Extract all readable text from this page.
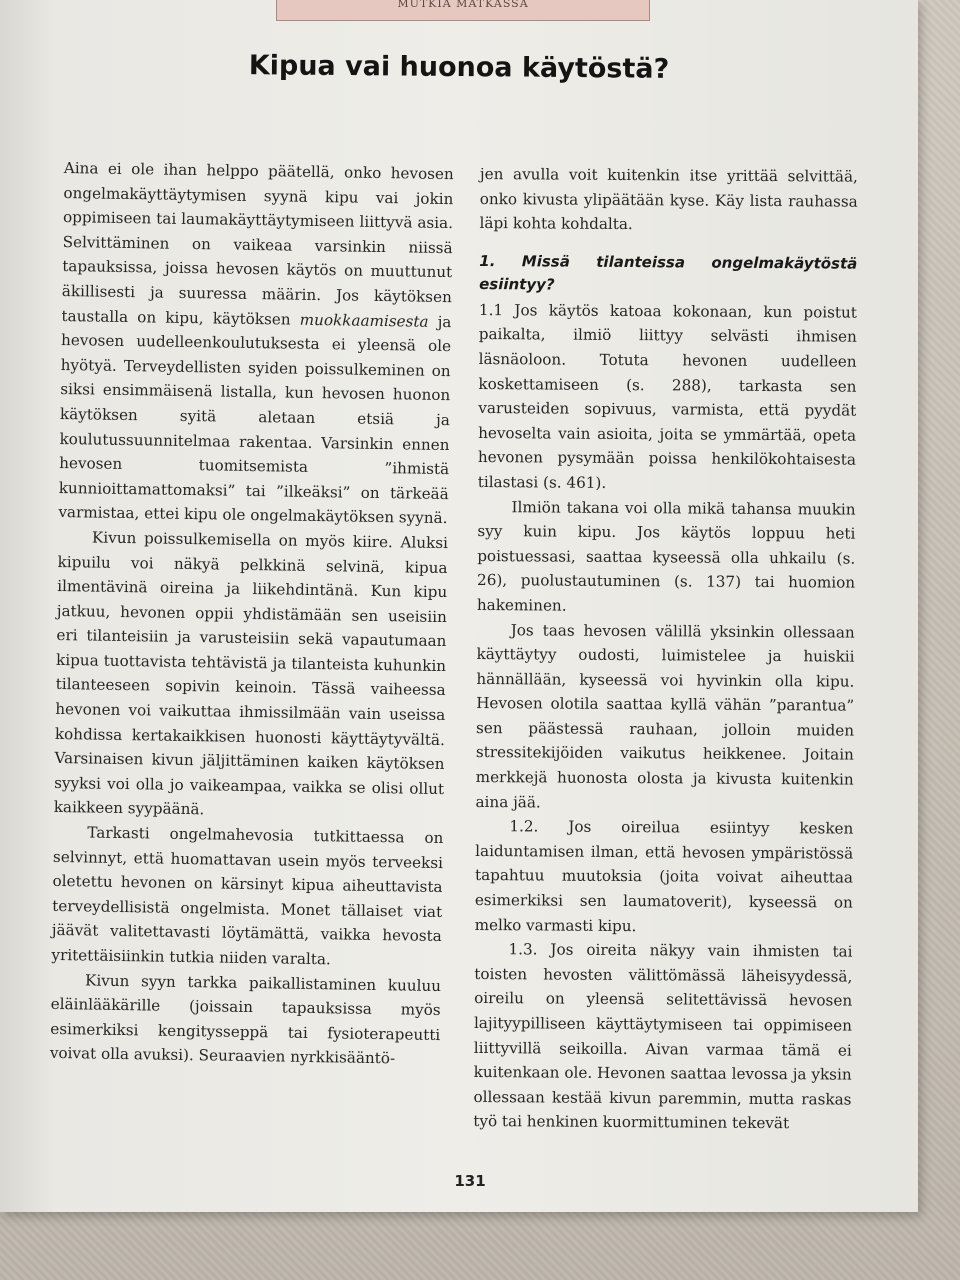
MUTKIA MATKASSA
Kipua vai huonoa käytöstä?

Aina ei ole ihan helppo päätellä, onko hevosen ongelmakäyttäytymisen syynä kipu vai jokin oppimiseen tai laumakäyttäytymiseen liittyvä asia. Selvittäminen on vaikeaa varsinkin niissä tapauksissa, joissa hevosen käytös on muuttunut äkillisesti ja suuressa määrin. Jos käytöksen taustalla on kipu, käytöksen muokkaamisesta ja hevosen uudelleenkoulutuksesta ei yleensä ole hyötyä. Terveydellisten syiden poissulkeminen on siksi ensimmäisenä listalla, kun hevosen huonon käytöksen syitä aletaan etsiä ja koulutussuunnitelmaa rakentaa. Varsinkin ennen hevosen tuomitsemista ”ihmistä kunnioittamattomaksi” tai ”ilkeäksi” on tärkeää varmistaa, ettei kipu ole ongelmakäytöksen syynä.

Kivun poissulkemisella on myös kiire. Aluksi kipuilu voi näkyä pelkkinä selvinä, kipua ilmentävinä oireina ja liikehdintänä. Kun kipu jatkuu, hevonen oppii yhdistämään sen useisiin eri tilanteisiin ja varusteisiin sekä vapautumaan kipua tuottavista tehtävistä ja tilanteista kuhunkin tilanteeseen sopivin keinoin. Tässä vaiheessa hevonen voi vaikuttaa ihmissilmään vain useissa kohdissa kertakaikkisen huonosti käyttäytyvältä. Varsinaisen kivun jäljittäminen kaiken käytöksen syyksi voi olla jo vaikeampaa, vaikka se olisi ollut kaikkeen syypäänä.

Tarkasti ongelmahevosia tutkittaessa on selvinnyt, että huomattavan usein myös terveeksi oletettu hevonen on kärsinyt kipua aiheuttavista terveydellisistä ongelmista. Monet tällaiset viat jäävät valitettavasti löytämättä, vaikka hevosta yritettäisiinkin tutkia niiden varalta.

Kivun syyn tarkka paikallistaminen kuuluu eläinlääkärille (joissain tapauksissa myös esimerkiksi kengitysseppä tai fysioterapeutti voivat olla avuksi). Seuraavien nyrkkisääntö-

jen avulla voit kuitenkin itse yrittää selvittää, onko kivusta ylipäätään kyse. Käy lista rauhassa läpi kohta kohdalta.

1. Missä tilanteissa ongelmakäytöstä esiintyy?

1.1 Jos käytös katoaa kokonaan, kun poistut paikalta, ilmiö liittyy selvästi ihmisen läsnäoloon. Totuta hevonen uudelleen koskettamiseen (s. 288), tarkasta sen varusteiden sopivuus, varmista, että pyydät hevoselta vain asioita, joita se ymmärtää, opeta hevonen pysymään poissa henkilökohtaisesta tilastasi (s. 461).

Ilmiön takana voi olla mikä tahansa muukin syy kuin kipu. Jos käytös loppuu heti poistuessasi, saattaa kyseessä olla uhkailu (s. 26), puolustautuminen (s. 137) tai huomion hakeminen.

Jos taas hevosen välillä yksinkin ollessaan käyttäytyy oudosti, luimistelee ja huiskii hännällään, kyseessä voi hyvinkin olla kipu. Hevosen olotila saattaa kyllä vähän ”parantua” sen päästessä rauhaan, jolloin muiden stressitekijöiden vaikutus heikkenee. Joitain merkkejä huonosta olosta ja kivusta kuitenkin aina jää.

1.2. Jos oireilua esiintyy kesken laiduntamisen ilman, että hevosen ympäristössä tapahtuu muutoksia (joita voivat aiheuttaa esimerkiksi sen laumatoverit), kyseessä on melko varmasti kipu.

1.3. Jos oireita näkyy vain ihmisten tai toisten hevosten välittömässä läheisyydessä, oireilu on yleensä selitettävissä hevosen lajityypilliseen käyttäytymiseen tai oppimiseen liittyvillä seikoilla. Aivan varmaa tämä ei kuitenkaan ole. Hevonen saattaa levossa ja yksin ollessaan kestää kivun paremmin, mutta raskas työ tai henkinen kuormittuminen tekevät

131
